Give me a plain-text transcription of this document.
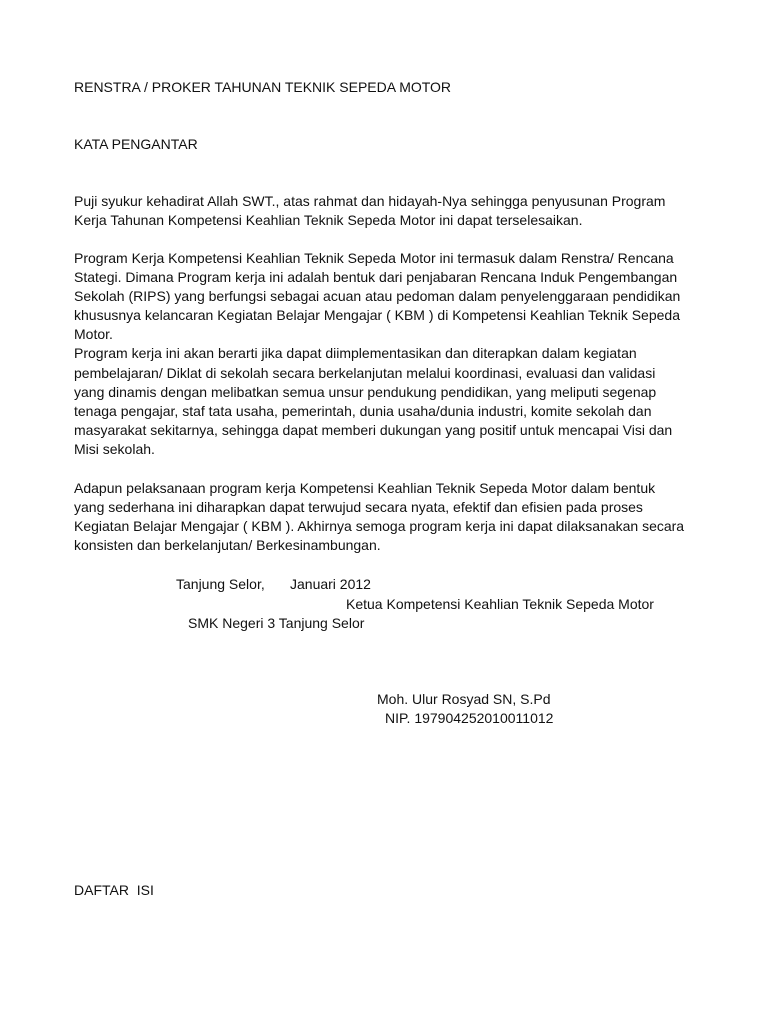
RENSTRA / PROKER TAHUNAN TEKNIK SEPEDA MOTOR

KATA PENGANTAR

Puji syukur kehadirat Allah SWT., atas rahmat dan hidayah-Nya sehingga penyusunan Program
Kerja Tahunan Kompetensi Keahlian Teknik Sepeda Motor ini dapat terselesaikan.
Program Kerja Kompetensi Keahlian Teknik Sepeda Motor ini termasuk dalam Renstra/ Rencana
Stategi. Dimana Program kerja ini adalah bentuk dari penjabaran Rencana Induk Pengembangan
Sekolah (RIPS) yang berfungsi sebagai acuan atau pedoman dalam penyelenggaraan pendidikan
khususnya kelancaran Kegiatan Belajar Mengajar ( KBM ) di Kompetensi Keahlian Teknik Sepeda
Motor.
Program kerja ini akan berarti jika dapat diimplementasikan dan diterapkan dalam kegiatan
pembelajaran/ Diklat di sekolah secara berkelanjutan melalui koordinasi, evaluasi dan validasi
yang dinamis dengan melibatkan semua unsur pendukung pendidikan, yang meliputi segenap
tenaga pengajar, staf tata usaha, pemerintah, dunia usaha/dunia industri, komite sekolah dan
masyarakat sekitarnya, sehingga dapat memberi dukungan yang positif untuk mencapai Visi dan
Misi sekolah.
Adapun pelaksanaan program kerja Kompetensi Keahlian Teknik Sepeda Motor dalam bentuk
yang sederhana ini diharapkan dapat terwujud secara nyata, efektif dan efisien pada proses
Kegiatan Belajar Mengajar ( KBM ). Akhirnya semoga program kerja ini dapat dilaksanakan secara
konsisten dan berkelanjutan/ Berkesinambungan.

Tanjung Selor, Januari 2012

Ketua Kompetensi Keahlian Teknik Sepeda Motor

SMK Negeri 3 Tanjung Selor

Moh. Ulur Rosyad SN, S.Pd

NIP. 197904252010011012

DAFTAR  ISI
